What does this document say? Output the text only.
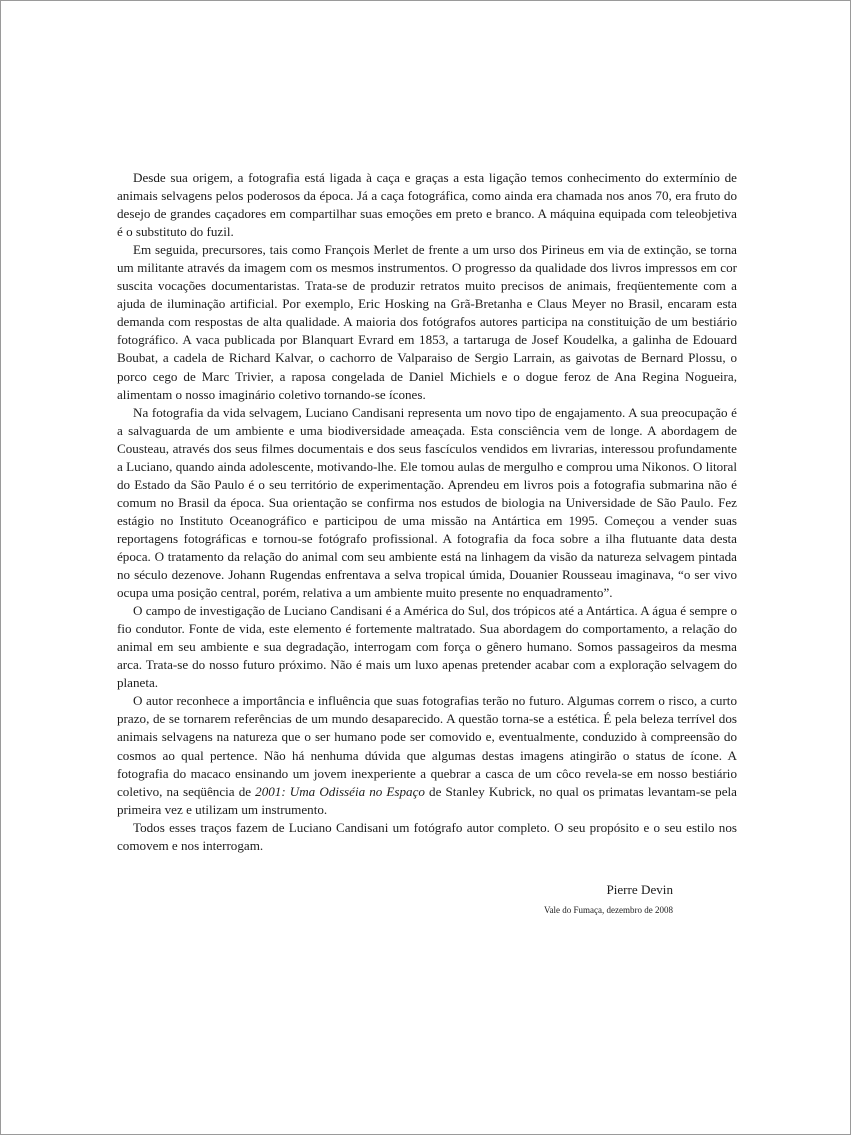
Desde sua origem, a fotografia está ligada à caça e graças a esta ligação temos conhecimento do extermínio de animais selvagens pelos poderosos da época. Já a caça fotográfica, como ainda era chamada nos anos 70, era fruto do desejo de grandes caçadores em compartilhar suas emoções em preto e branco. A máquina equipada com teleobjetiva é o substituto do fuzil.

Em seguida, precursores, tais como François Merlet de frente a um urso dos Pirineus em via de extinção, se torna um militante através da imagem com os mesmos instrumentos. O progresso da qualidade dos livros impressos em cor suscita vocações documentaristas. Trata-se de produzir retratos muito precisos de animais, freqüentemente com a ajuda de iluminação artificial. Por exemplo, Eric Hosking na Grã-Bretanha e Claus Meyer no Brasil, encaram esta demanda com respostas de alta qualidade. A maioria dos fotógrafos autores participa na constituição de um bestiário fotográfico. A vaca publicada por Blanquart Evrard em 1853, a tartaruga de Josef Koudelka, a galinha de Edouard Boubat, a cadela de Richard Kalvar, o cachorro de Valparaiso de Sergio Larrain, as gaivotas de Bernard Plossu, o porco cego de Marc Trivier, a raposa congelada de Daniel Michiels e o dogue feroz de Ana Regina Nogueira, alimentam o nosso imaginário coletivo tornando-se ícones.

Na fotografia da vida selvagem, Luciano Candisani representa um novo tipo de engajamento. A sua preocupação é a salvaguarda de um ambiente e uma biodiversidade ameaçada. Esta consciência vem de longe. A abordagem de Cousteau, através dos seus filmes documentais e dos seus fascículos vendidos em livrarias, interessou profundamente a Luciano, quando ainda adolescente, motivando-lhe. Ele tomou aulas de mergulho e comprou uma Nikonos. O litoral do Estado da São Paulo é o seu território de experimentação. Aprendeu em livros pois a fotografia submarina não é comum no Brasil da época. Sua orientação se confirma nos estudos de biologia na Universidade de São Paulo. Fez estágio no Instituto Oceanográfico e participou de uma missão na Antártica em 1995. Começou a vender suas reportagens fotográficas e tornou-se fotógrafo profissional. A fotografia da foca sobre a ilha flutuante data desta época. O tratamento da relação do animal com seu ambiente está na linhagem da visão da natureza selvagem pintada no século dezenove. Johann Rugendas enfrentava a selva tropical úmida, Douanier Rousseau imaginava, “o ser vivo ocupa uma posição central, porém, relativa a um ambiente muito presente no enquadramento”.

O campo de investigação de Luciano Candisani é a América do Sul, dos trópicos até a Antártica. A água é sempre o fio condutor. Fonte de vida, este elemento é fortemente maltratado. Sua abordagem do comportamento, a relação do animal em seu ambiente e sua degradação, interrogam com força o gênero humano. Somos passageiros da mesma arca. Trata-se do nosso futuro próximo. Não é mais um luxo apenas pretender acabar com a exploração selvagem do planeta.

O autor reconhece a importância e influência que suas fotografias terão no futuro. Algumas correm o risco, a curto prazo, de se tornarem referências de um mundo desaparecido. A questão torna-se a estética. É pela beleza terrível dos animais selvagens na natureza que o ser humano pode ser comovido e, eventualmente, conduzido à compreensão do cosmos ao qual pertence. Não há nenhuma dúvida que algumas destas imagens atingirão o status de ícone. A fotografia do macaco ensinando um jovem inexperiente a quebrar a casca de um côco revela-se em nosso bestiário coletivo, na seqüência de 2001: Uma Odisséia no Espaço de Stanley Kubrick, no qual os primatas levantam-se pela primeira vez e utilizam um instrumento.

Todos esses traços fazem de Luciano Candisani um fotógrafo autor completo. O seu propósito e o seu estilo nos comovem e nos interrogam.

Pierre Devin
Vale do Fumaça, dezembro de 2008
